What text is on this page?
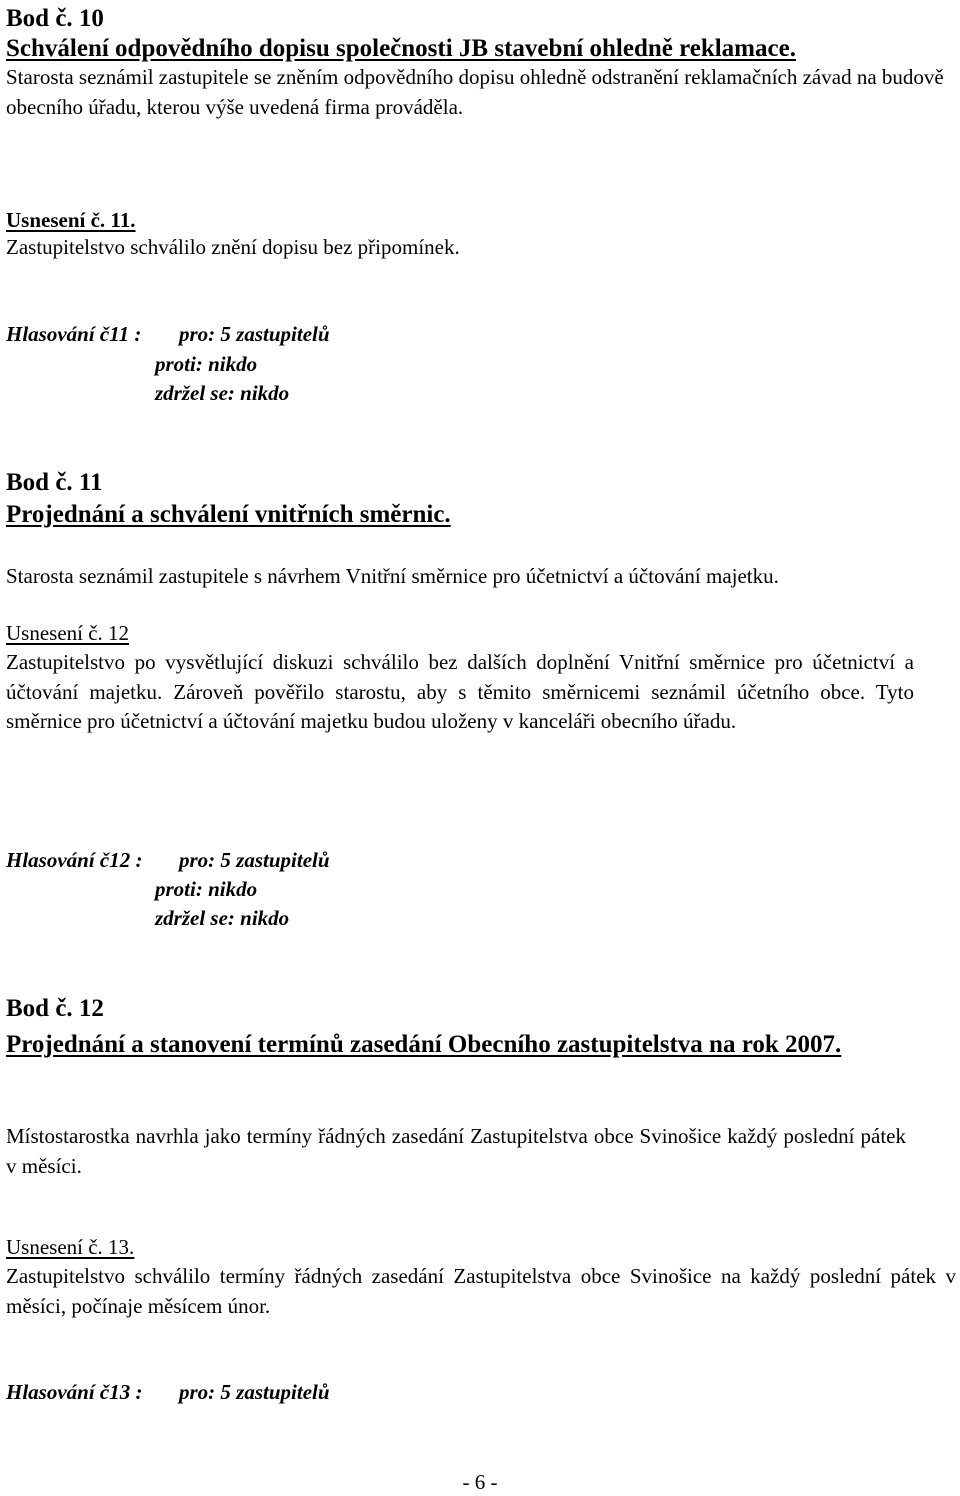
Bod č. 10
Schválení odpovědního dopisu společnosti JB stavební ohledně reklamace.
Starosta seznámil zastupitele se zněním odpovědního dopisu ohledně odstranění reklamačních závad na budově obecního úřadu, kterou výše uvedená firma prováděla.
Usnesení č. 11.
Zastupitelstvo schválilo znění dopisu bez připomínek.
Hlasování č11 : pro: 5 zastupitelů
proti: nikdo
zdržel se: nikdo
Bod č. 11
Projednání a schválení vnitřních směrnic.
Starosta seznámil zastupitele s návrhem Vnitřní směrnice pro účetnictví a účtování majetku.
Usnesení č. 12
Zastupitelstvo po vysvětlující diskuzi schválilo bez dalších doplnění Vnitřní směrnice pro účetnictví a účtování majetku. Zároveň pověřilo starostu, aby s těmito směrnicemi seznámil účetního obce. Tyto směrnice pro účetnictví a účtování majetku budou uloženy v kanceláři obecního úřadu.
Hlasování č12 : pro: 5 zastupitelů
proti: nikdo
zdržel se: nikdo
Bod č. 12
Projednání a stanovení termínů zasedání Obecního zastupitelstva na rok 2007.
Místostarostka navrhla jako termíny řádných zasedání Zastupitelstva obce Svinošice každý poslední pátek v měsíci.
Usnesení č. 13.
Zastupitelstvo schválilo termíny řádných zasedání Zastupitelstva obce Svinošice na každý poslední pátek v měsíci, počínaje měsícem únor.
Hlasování č13 : pro: 5 zastupitelů
- 6 -
